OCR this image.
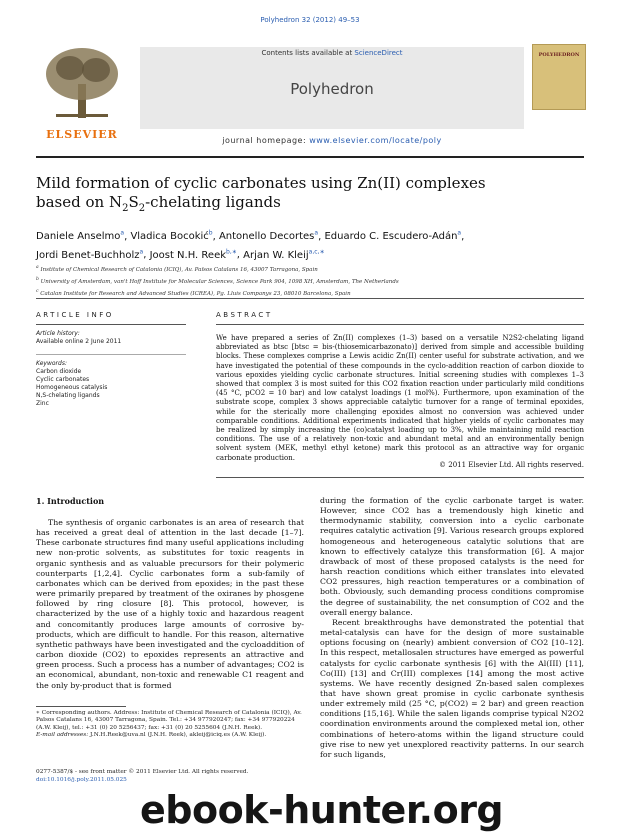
Polyhedron 32 (2012) 49–53
ELSEVIER
Contents lists available at ScienceDirect
Polyhedron
journal homepage: www.elsevier.com/locate/poly
POLYHEDRON
Mild formation of cyclic carbonates using Zn(II) complexes
based on $N_2S_2$-chelating ligands
Daniele Anselmo$^a$, Vladica Bocokić$^b$, Antonello Decortes$^a$, Eduardo C. Escudero-Adán$^a$,
Jordi Benet-Buchholz$^a$, Joost N.H. Reek$^{b,∗}$, Arjan W. Kleij$^{a,c,∗}$
$^a$ Institute of Chemical Research of Catalonia (ICIQ), Av. Països Catalans 16, 43007 Tarragona, Spain
$^b$ University of Amsterdam, van't Hoff Institute for Molecular Sciences, Science Park 904, 1098 XH, Amsterdam, The Netherlands
$^c$ Catalan Institute for Research and Advanced Studies (ICREA), Pg. Lluis Companys 23, 08010 Barcelona, Spain
ARTICLE INFO
Article history:
Available online 2 June 2011
Keywords:
Carbon dioxide
Cyclic carbonates
Homogeneous catalysis
N,S-chelating ligands
Zinc
ABSTRACT
We have prepared a series of Zn(II) complexes (1–3) based on a versatile N2S2-chelating ligand abbreviated as btsc [btsc = bis-(thiosemicarbazonato)] derived from simple and accessible building blocks. These complexes comprise a Lewis acidic Zn(II) center useful for substrate activation, and we have investigated the potential of these compounds in the cyclo-addition reaction of carbon dioxide to various epoxides yielding cyclic carbonate structures. Initial screening studies with complexes 1–3 showed that complex 3 is most suited for this CO2 fixation reaction under particularly mild conditions (45 °C, pCO2 = 10 bar) and low catalyst loadings (1 mol%). Furthermore, upon examination of the substrate scope, complex 3 shows appreciable catalytic turnover for a range of terminal epoxides, while for the sterically more challenging epoxides almost no conversion was achieved under comparable conditions. Additional experiments indicated that higher yields of cyclic carbonates may be realized by simply increasing the (co)catalyst loading up to 3%, while maintaining mild reaction conditions. The use of a relatively non-toxic and abundant metal and an environmentally benign solvent system (MEK, methyl ethyl ketone) mark this protocol as an attractive way for organic carbonate production.
© 2011 Elsevier Ltd. All rights reserved.
1. Introduction

The synthesis of organic carbonates is an area of research that has received a great deal of attention in the last decade [1–7]. These carbonate structures find many useful applications including new non-protic solvents, as substitutes for toxic reagents in organic synthesis and as valuable precursors for their polymeric counterparts [1,2,4]. Cyclic carbonates form a sub-family of carbonates which can be derived from epoxides; in the past these were primarily prepared by treatment of the oxiranes by phosgene followed by ring closure [8]. This protocol, however, is characterized by the use of a highly toxic and hazardous reagent and concomitantly produces large amounts of corrosive by-products, which are difficult to handle. For this reason, alternative synthetic pathways have been investigated and the cycloaddition of carbon dioxide (CO2) to epoxides represents an attractive and green process. Such a process has a number of advantages; CO2 is an economical, abundant, non-toxic and renewable C1 reagent and the only by-product that is formed

during the formation of the cyclic carbonate target is water. However, since CO2 has a tremendously high kinetic and thermodynamic stability, conversion into a cyclic carbonate requires catalytic activation [9]. Various research groups explored homogeneous and heterogeneous catalytic solutions that are known to effectively catalyze this transformation [6]. A major drawback of most of these proposed catalysts is the need for harsh reaction conditions which either translates into elevated CO2 pressures, high reaction temperatures or a combination of both. Obviously, such demanding process conditions compromise the degree of sustainability, the net consumption of CO2 and the overall energy balance.

Recent breakthroughs have demonstrated the potential that metal-catalysis can have for the design of more sustainable options focusing on (nearly) ambient conversion of CO2 [10–12]. In this respect, metallosalen structures have emerged as powerful catalysts for cyclic carbonate synthesis [6] with the Al(III) [11], Co(III) [13] and Cr(III) complexes [14] among the most active systems. We have recently designed Zn-based salen complexes that have shown great promise in cyclic carbonate synthesis under extremely mild (25 °C, p(CO2) = 2 bar) and green reaction conditions [15,16]. While the salen ligands comprise typical N2O2 coordination environments around the complexed metal ion, other combinations of hetero-atoms within the ligand structure could give rise to new yet unexplored reactivity patterns. In our search for such ligands,

∗ Corresponding authors. Address: Institute of Chemical Research of Catalonia (ICIQ), Av. Països Catalans 16, 43007 Tarragona, Spain. Tel.: +34 977920247; fax: +34 977920224 (A.W. Kleij), tel.: +31 (0) 20 5256437; fax: +31 (0) 20 5255604 (J.N.H. Reek).
E-mail addresses: J.N.H.Reek@uva.nl (J.N.H. Reek), akleij@iciq.es (A.W. Kleij).
0277-5387/$ - see front matter © 2011 Elsevier Ltd. All rights reserved.
doi:10.1016/j.poly.2011.05.025
ebook-hunter.org
